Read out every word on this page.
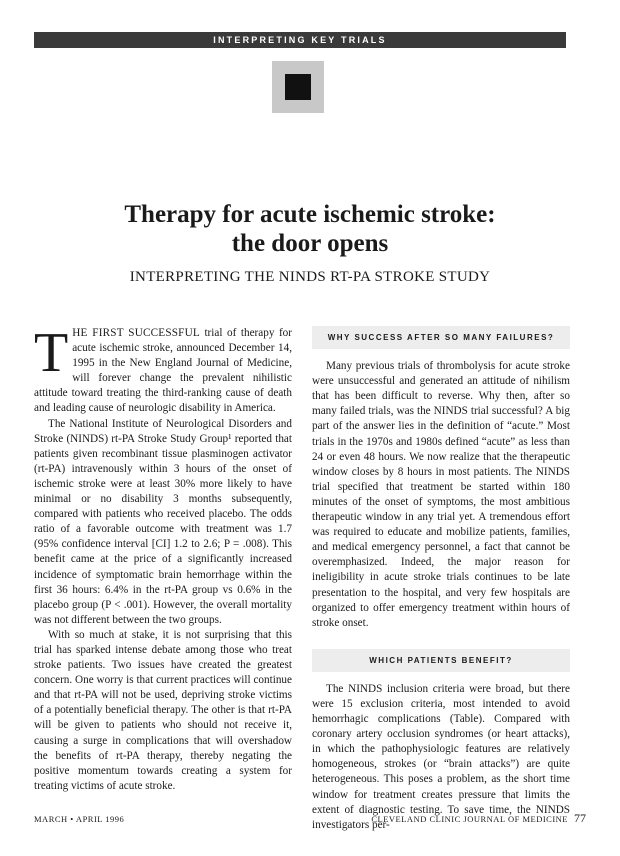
INTERPRETING KEY TRIALS
Therapy for acute ischemic stroke:
the door opens

INTERPRETING THE NINDS RT-PA STROKE STUDY

T HE FIRST SUCCESSFUL trial of therapy for acute ischemic stroke, announced December 14, 1995 in the New England Journal of Medicine, will forever change the prevalent nihilistic attitude toward treating the third-ranking cause of death and leading cause of neurologic disability in America.

The National Institute of Neurological Disorders and Stroke (NINDS) rt-PA Stroke Study Group¹ reported that patients given recombinant tissue plasminogen activator (rt-PA) intravenously within 3 hours of the onset of ischemic stroke were at least 30% more likely to have minimal or no disability 3 months subsequently, compared with patients who received placebo. The odds ratio of a favorable outcome with treatment was 1.7 (95% confidence interval [CI] 1.2 to 2.6; P = .008). This benefit came at the price of a significantly increased incidence of symptomatic brain hemorrhage within the first 36 hours: 6.4% in the rt-PA group vs 0.6% in the placebo group (P < .001). However, the overall mortality was not different between the two groups.

With so much at stake, it is not surprising that this trial has sparked intense debate among those who treat stroke patients. Two issues have created the greatest concern. One worry is that current practices will continue and that rt-PA will not be used, depriving stroke victims of a potentially beneficial therapy. The other is that rt-PA will be given to patients who should not receive it, causing a surge in complications that will overshadow the benefits of rt-PA therapy, thereby negating the positive momentum towards creating a system for treating victims of acute stroke.

WHY SUCCESS AFTER SO MANY FAILURES?

Many previous trials of thrombolysis for acute stroke were unsuccessful and generated an attitude of nihilism that has been difficult to reverse. Why then, after so many failed trials, was the NINDS trial successful? A big part of the answer lies in the definition of “acute.” Most trials in the 1970s and 1980s defined “acute” as less than 24 or even 48 hours. We now realize that the therapeutic window closes by 8 hours in most patients. The NINDS trial specified that treatment be started within 180 minutes of the onset of symptoms, the most ambitious therapeutic window in any trial yet. A tremendous effort was required to educate and mobilize patients, families, and medical emergency personnel, a fact that cannot be overemphasized. Indeed, the major reason for ineligibility in acute stroke trials continues to be late presentation to the hospital, and very few hospitals are organized to offer emergency treatment within hours of stroke onset.

WHICH PATIENTS BENEFIT?

The NINDS inclusion criteria were broad, but there were 15 exclusion criteria, most intended to avoid hemorrhagic complications (Table). Compared with coronary artery occlusion syndromes (or heart attacks), in which the pathophysiologic features are relatively homogeneous, strokes (or “brain attacks”) are quite heterogeneous. This poses a problem, as the short time window for treatment creates pressure that limits the extent of diagnostic testing. To save time, the NINDS investigators per-

MARCH • APRIL 1996	CLEVELAND CLINIC JOURNAL OF MEDICINE 77
